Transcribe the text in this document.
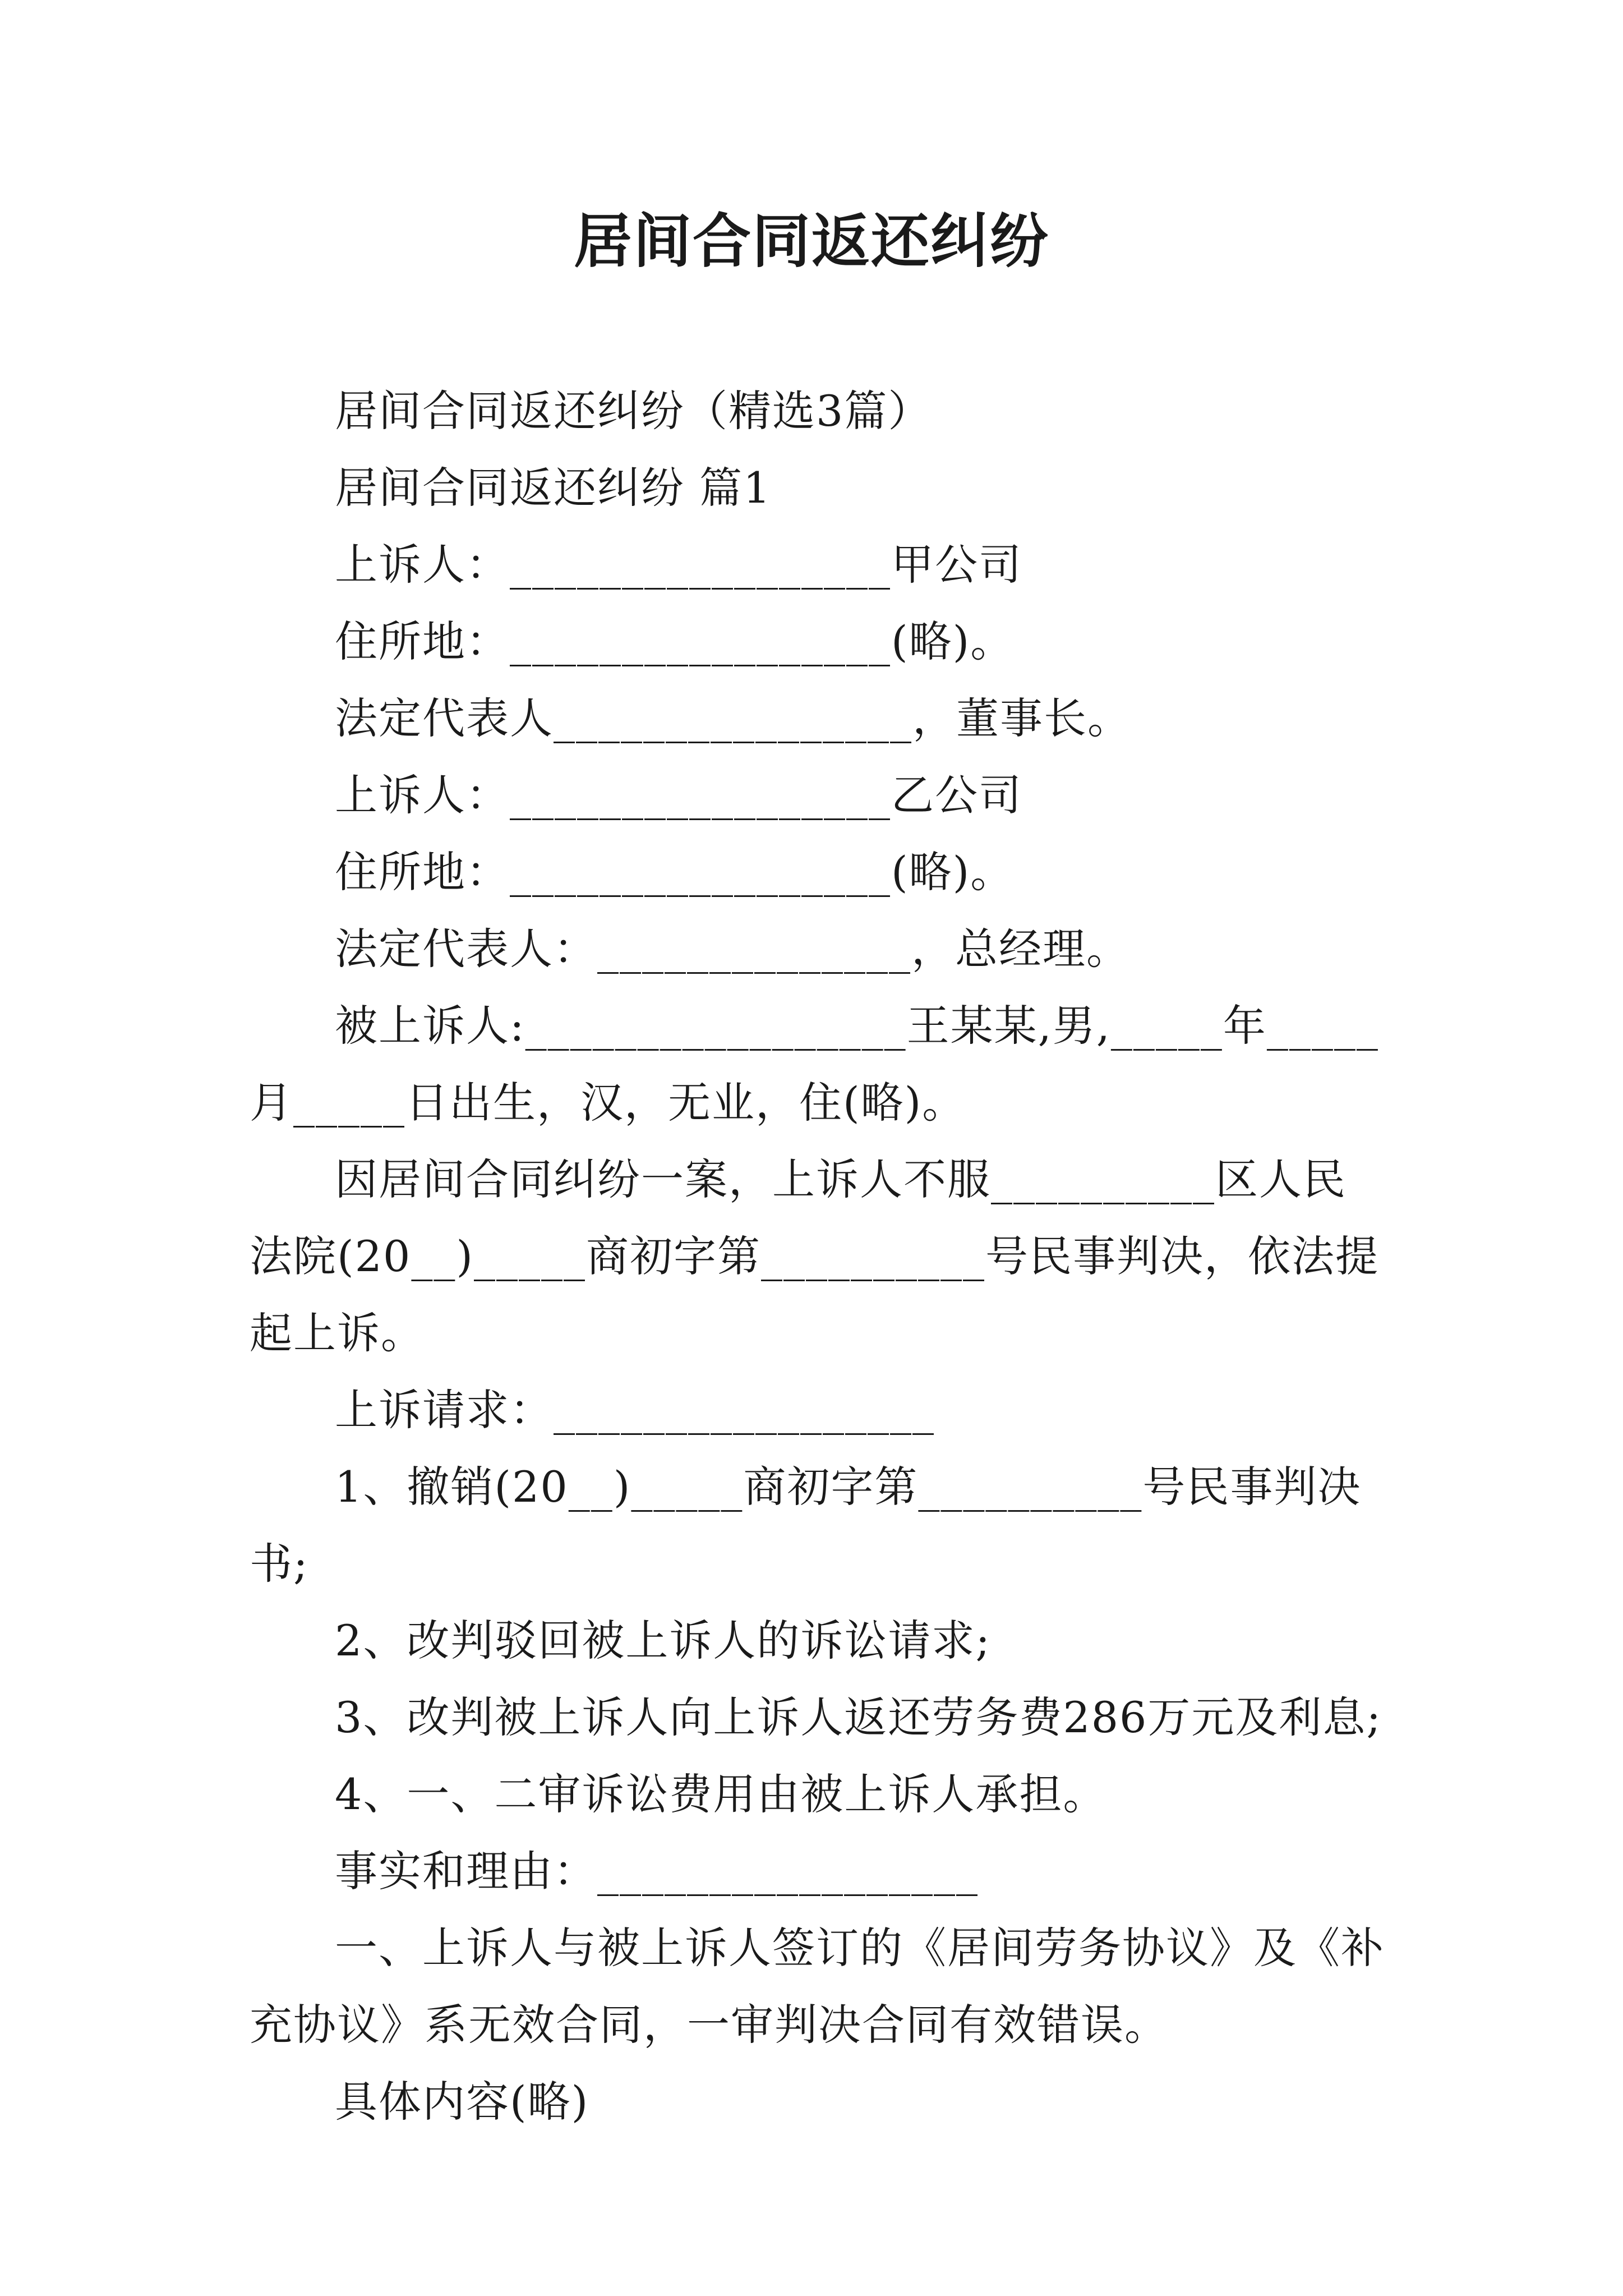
居间合同返还纠纷

居间合同返还纠纷（精选3篇）

居间合同返还纠纷 篇1

上诉人：_________________甲公司

住所地：_________________(略)。

法定代表人________________，董事长。

上诉人：_________________乙公司

住所地：_________________(略)。

法定代表人：______________，总经理。

被上诉人:_________________王某某,男,_____年_____月_____日出生，汉，无业，住(略)。

因居间合同纠纷一案，上诉人不服__________区人民法院(20__)_____商初字第__________号民事判决，依法提起上诉。

上诉请求：_________________

1、撤销(20__)_____商初字第__________号民事判决书;

2、改判驳回被上诉人的诉讼请求;

3、改判被上诉人向上诉人返还劳务费286万元及利息;

4、一、二审诉讼费用由被上诉人承担。

事实和理由：_________________

一、上诉人与被上诉人签订的《居间劳务协议》及《补充协议》系无效合同，一审判决合同有效错误。

具体内容(略)
